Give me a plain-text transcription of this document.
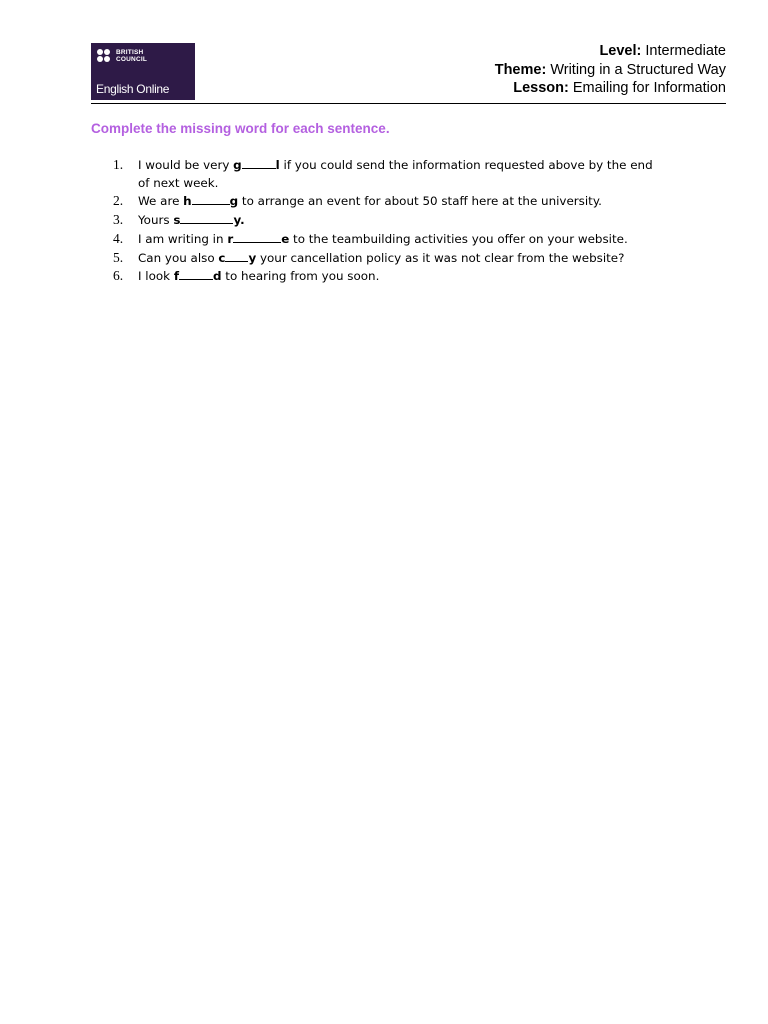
BRITISH
COUNCIL
English Online
Level: Intermediate
Theme: Writing in a Structured Way
Lesson: Emailing for Information
Complete the missing word for each sentence.
1. I would be very g	l if you could send the information requested above by the end of next week.
2. We are h	g to arrange an event for about 50 staff here at the university.
3. Yours s	y.
4. I am writing in r	e to the teambuilding activities you offer on your website.
5. Can you also c y your cancellation policy as it was not clear from the website?
6. I look f	d to hearing from you soon.
